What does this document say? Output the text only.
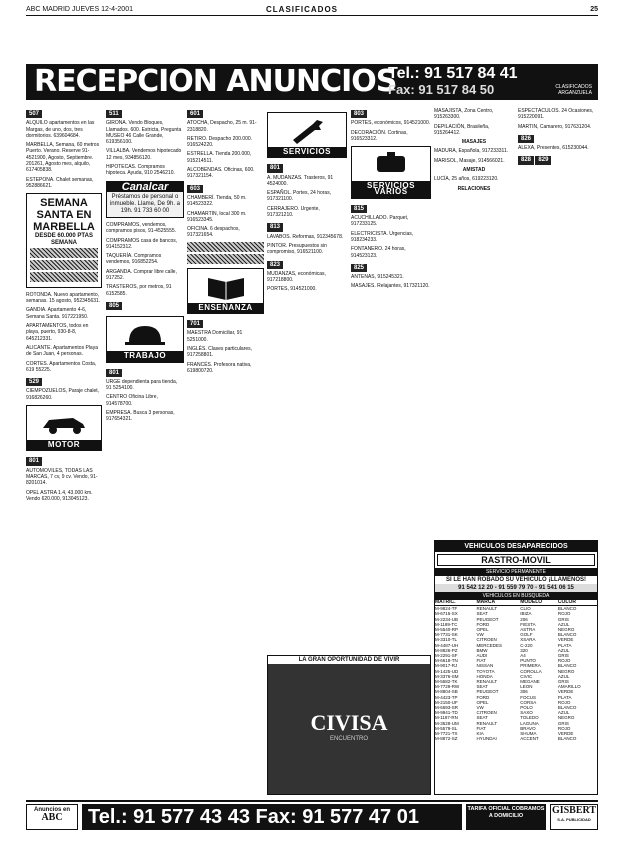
ABC MADRID JUEVES 12-4-2001	CLASIFICADOS	25
RECEPCION ANUNCIOS
Tel.: 91 517 84 41
Fax: 91 517 84 50	CLASIFICADOS ARGANZUELA
507

ALQUILO apartamentos en las Margas, de uno, dos, tres dormitorios. 639604684.

MARBELLA, Semana, 60 metros Puerto. Verano. Reserve 91-4521900, Agosto, Septiembre. 201261, Agosto mes, alquilo, 617405838.

ESTEPONA. Chalet semanas, 952886621.

SEMANA SANTA EN MARBELLA
DESDE 60.000 PTAS SEMANA

ROTONDA. Nuevo apartamento, semanas. 15 agosto, 952345631.

GANDIA. Apartamento 4-6, Semana Santa. 917221950.

APARTAMENTOS, todos en playa, puerto, 930-8-8, 645212331.

ALICANTE. Apartamentos Playa de San Juan, 4 personas.

CORTES. Apartamentos Costa, 619 55225.

529

CIEMPOZUELOS, Paraje chalet, 916826260.

MOTOR
801

AUTOMOVILES, TODAS LAS MARCAS, 7 cv, 9 cv. Vendo, 91-8201014.

OPEL ASTRA 1.4, 43.000 km. Vendo 620.000, 913045123.

511

GIRONA. Vendo Bloques, Llamados. 600. Estricta, Pregunta MUSEO 46 Calle Grande, 619356100.

VILLALBA. Vendemos hipotecado 12 mes, 934856120.

HIPOTECAS. Compramos hipoteca. Ayuda, 910 2546210.

Canalcar
Préstamos de personal o inmueble. Llame, De 9h. a 19h. 91 733 60 00

COMPRAMOS, vendemos, compramos pisos, 91-4525555.

COMPRAMOS casa de bancos, 914152312.

TAQUERÍA. Compramos vendemos, 916852254.

ARGANDA. Comprar libre calle, 917252.

TRASTEROS, por metros, 91 6152585.

805
TRABAJO
801

URGE dependienta para tienda, 91 5254100.

CENTRO Oficina Libre, 914578700.

EMPRESA. Busca 3 personas, 917654321.

601

ATOCHA, Despacho, 25 m. 91-2318820.

RETIRO. Despacho 200.000. 916524220.

ESTRELLA. Tienda 200.000, 915214511.

ALCOBENDAS. Oficinas, 600. 917321154.

603

CHAMBERÍ. Tienda, 50 m. 914523322.

CHAMARTIN, local 300 m. 916523345.

OFICINA. 6 despachos, 917321654.

ENSEÑANZA
701

MAESTRA Domiciliar, 91 5251000.

INGLÉS. Clases particulares, 917258801.

FRANCÉS. Profesora nativa, 619800720.

SERVICIOS
801

A. MUDANZAS. Trasteros, 91 4524000.

ESPAÑOL. Portes, 24 horas, 917321100.

CERRAJERO. Urgente, 917321210.

813

LAVABOS. Reformas, 912345678.

PINTOR. Presupuestos sin compromiso, 916521100.

823

MUDANZAS, económicas, 917218800.

PORTES, 914521000.

LA GRAN OPORTUNIDAD DE VIVIR
CIVISA
ENCUENTRO
803

PORTES, económicos, 914521000.

DECORACIÓN. Cortinas, 916523312.

SERVICIOS VARIOS
815

ACUCHILLADO. Parquet, 917233125.

ELECTRICISTA. Urgencias, 918234233.

FONTANERO. 24 horas, 914523123.

825

ANTENAS, 915245321.

MASAJES. Relajantes, 917321120.

MASAJISTA, Zona Centro, 915263300.

DEPILACIÓN, Brasileña, 915264412.

MASAJES

MADURA, Española, 917233311.

MARISOL, Masaje, 914566021.

AMISTAD

LUCÍA, 25 años, 619223120.

RELACIONES

ESPECTÁCULOS. 24 Ocasiones, 915220091.

MARTIN, Camarero, 917631204.

826

ALEXA, Presentes, 615230044.

828 829
VEHICULOS DESAPARECIDOS
RASTRO-MOVIL
SERVICIO PERMANENTE
SI LE HAN ROBADO SU VEHICULO ¡LLAMENOS!
91 542 12 20 - 91 559 79 70 - 91 541 06 15
VEHICULOS EN BUSQUEDA
MATRIC.	MARCA	MODELO	COLOR
M-9824-TF	RENAULT	CLIO	BLANCO
M-6715-SX	SEAT	IBIZA	ROJO
M-2234-UB	PEUGEOT	206	GRIS
M-1189-TC	FORD	FIESTA	AZUL
M-5540-RP	OPEL	ASTRA	NEGRO
M-7731-SK	VW	GOLF	BLANCO
M-3310-TL	CITROEN	XSARA	VERDE
M-4487-UH	MERCEDES	C-220	PLATA
M-8826-PZ	BMW	320	AZUL
M-2291-SF	AUDI	A4	GRIS
M-6618-TN	FIAT	PUNTO	ROJO
M-9017-RJ	NISSAN	PRIMERA	BLANCO
M-1425-UD	TOYOTA	COROLLA	NEGRO
M-3376-SM	HONDA	CIVIC	AZUL
M-5582-TK	RENAULT	MEGANE	GRIS
M-7729-RW	SEAT	LEON	AMARILLO
M-8804-SB	PEUGEOT	306	VERDE
M-4423-TP	FORD	FOCUS	PLATA
M-2150-UF	OPEL	CORSA	ROJO
M-6693-SR	VW	POLO	BLANCO
M-9941-TD	CITROEN	SAXO	AZUL
M-1187-RN	SEAT	TOLEDO	NEGRO
M-3528-UM	RENAULT	LAGUNA	GRIS
M-5579-SL	FIAT	BRAVO	ROJO
M-7721-TX	KIA	SHUMA	VERDE
M-8872-SZ	HYUNDAI	ACCENT	BLANCO
Anuncios en
ABC	Tel.: 91 577 43 43 Fax: 91 577 47 01	TARIFA OFICIAL COBRAMOS A DOMICILIO	GISBERT
S.A. PUBLICIDAD
